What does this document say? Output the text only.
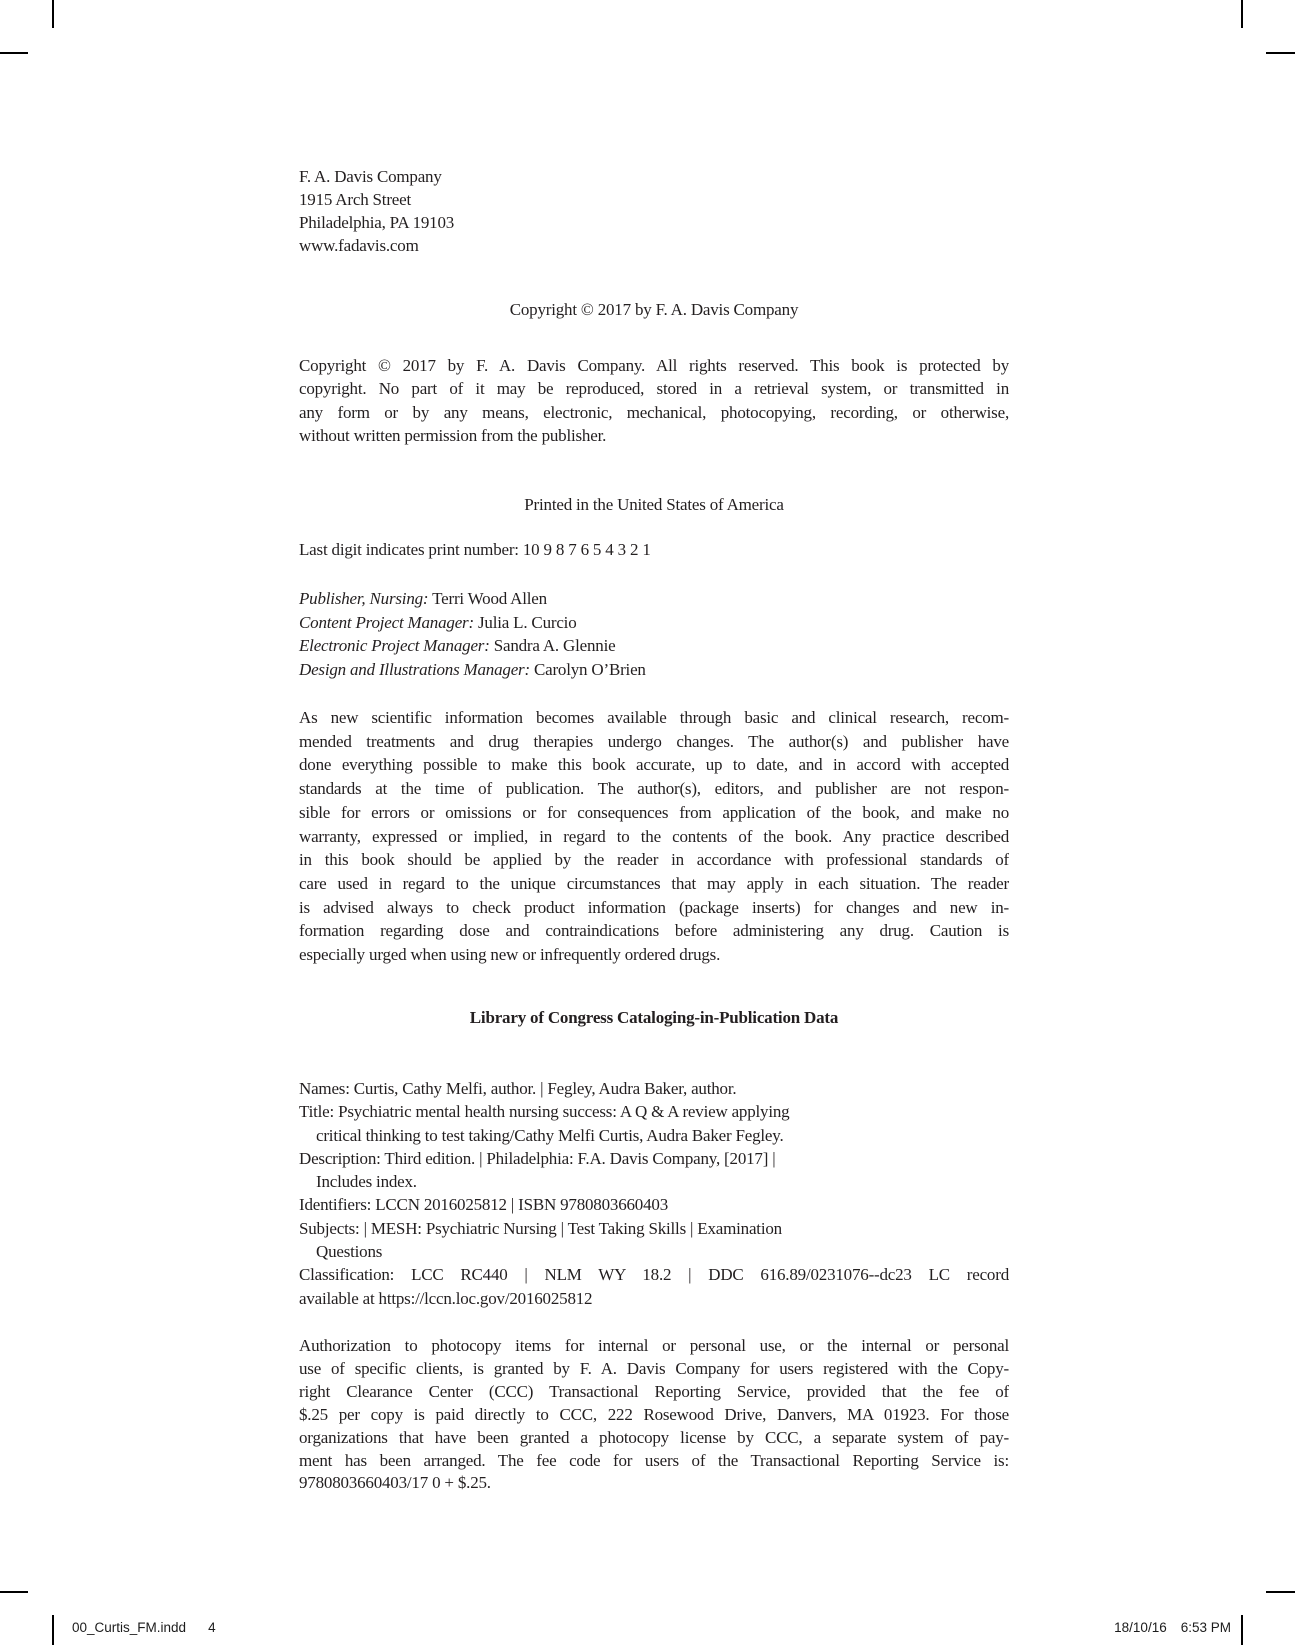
F. A. Davis Company
1915 Arch Street
Philadelphia, PA 19103
www.fadavis.com
Copyright © 2017 by F. A. Davis Company
Copyright © 2017 by F. A. Davis Company. All rights reserved. This book is protected by
copyright. No part of it may be reproduced, stored in a retrieval system, or transmitted in
any form or by any means, electronic, mechanical, photocopying, recording, or otherwise,
without written permission from the publisher.
Printed in the United States of America
Last digit indicates print number: 10 9 8 7 6 5 4 3 2 1
Publisher, Nursing: Terri Wood Allen
Content Project Manager: Julia L. Curcio
Electronic Project Manager: Sandra A. Glennie
Design and Illustrations Manager: Carolyn O’Brien
As new scientific information becomes available through basic and clinical research, recom-
mended treatments and drug therapies undergo changes. The author(s) and publisher have
done everything possible to make this book accurate, up to date, and in accord with accepted
standards at the time of publication. The author(s), editors, and publisher are not respon-
sible for errors or omissions or for consequences from application of the book, and make no
warranty, expressed or implied, in regard to the contents of the book. Any practice described
in this book should be applied by the reader in accordance with professional standards of
care used in regard to the unique circumstances that may apply in each situation. The reader
is advised always to check product information (package inserts) for changes and new in-
formation regarding dose and contraindications before administering any drug. Caution is
especially urged when using new or infrequently ordered drugs.
Library of Congress Cataloging-in-Publication Data
Names: Curtis, Cathy Melfi, author. | Fegley, Audra Baker, author.
Title: Psychiatric mental health nursing success: A Q & A review applying
critical thinking to test taking/Cathy Melfi Curtis, Audra Baker Fegley.
Description: Third edition. | Philadelphia: F.A. Davis Company, [2017] |
Includes index.
Identifiers: LCCN 2016025812 | ISBN 9780803660403
Subjects: | MESH: Psychiatric Nursing | Test Taking Skills | Examination
Questions
Classification: LCC RC440 | NLM WY 18.2 | DDC 616.89/0231076--dc23 LC record
available at https://lccn.loc.gov/2016025812
Authorization to photocopy items for internal or personal use, or the internal or personal
use of specific clients, is granted by F. A. Davis Company for users registered with the Copy-
right Clearance Center (CCC) Transactional Reporting Service, provided that the fee of
$.25 per copy is paid directly to CCC, 222 Rosewood Drive, Danvers, MA 01923. For those
organizations that have been granted a photocopy license by CCC, a separate system of pay-
ment has been arranged. The fee code for users of the Transactional Reporting Service is:
9780803660403/17 0 + $.25.
00_Curtis_FM.indd 4	18/10/16 6:53 PM
